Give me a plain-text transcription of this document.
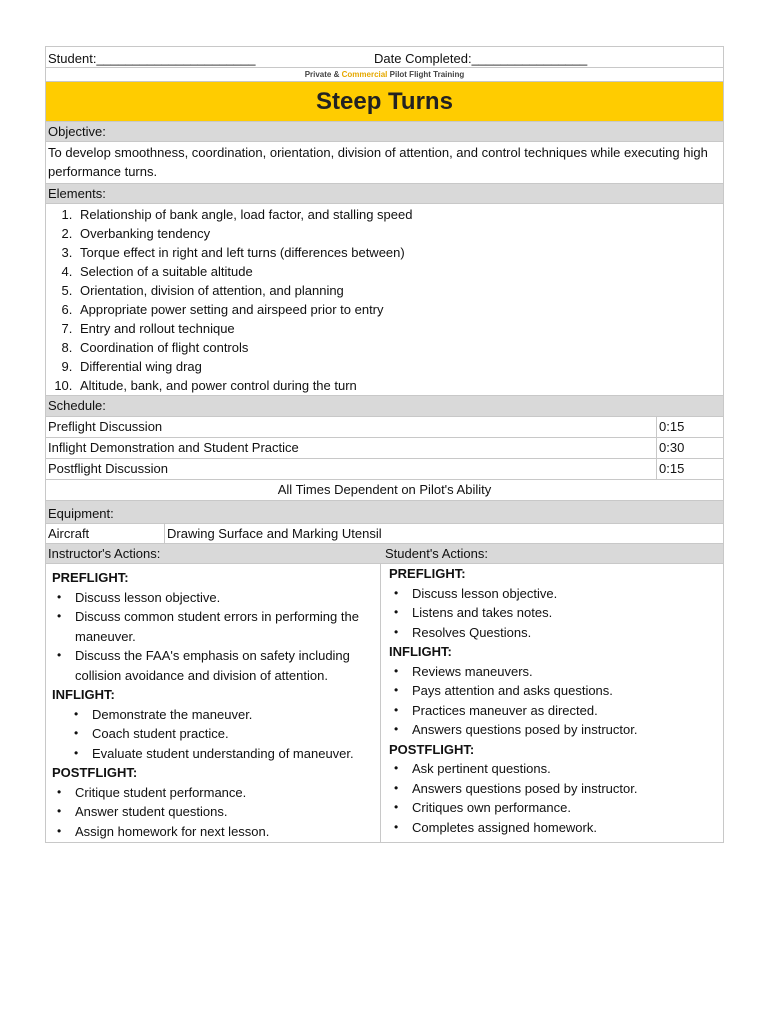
Student:______________________	Date Completed:________________
Private & Commercial Pilot Flight Training
Steep Turns
Objective:
To develop smoothness, coordination, orientation, division of attention, and control techniques while executing high performance turns.
Elements:
1. Relationship of bank angle, load factor, and stalling speed
2. Overbanking tendency
3. Torque effect in right and left turns (differences between)
4. Selection of a suitable altitude
5. Orientation, division of attention, and planning
6. Appropriate power setting and airspeed prior to entry
7. Entry and rollout technique
8. Coordination of flight controls
9. Differential wing drag
10. Altitude, bank, and power control during the turn
Schedule:
Preflight Discussion	0:15
Inflight Demonstration and Student Practice	0:30
Postflight Discussion	0:15
All Times Dependent on Pilot's Ability
Equipment:
Aircraft	Drawing Surface and Marking Utensil
Instructor's Actions:	Student's Actions:
PREFLIGHT:
• Discuss lesson objective.
• Discuss common student errors in performing the maneuver.
• Discuss the FAA's emphasis on safety including collision avoidance and division of attention.
INFLIGHT:
• Demonstrate the maneuver.
• Coach student practice.
• Evaluate student understanding of maneuver.
POSTFLIGHT:
• Critique student performance.
• Answer student questions.
• Assign homework for next lesson.
PREFLIGHT:
• Discuss lesson objective.
• Listens and takes notes.
• Resolves Questions.
INFLIGHT:
• Reviews maneuvers.
• Pays attention and asks questions.
• Practices maneuver as directed.
• Answers questions posed by instructor.
POSTFLIGHT:
• Ask pertinent questions.
• Answers questions posed by instructor.
• Critiques own performance.
• Completes assigned homework.
